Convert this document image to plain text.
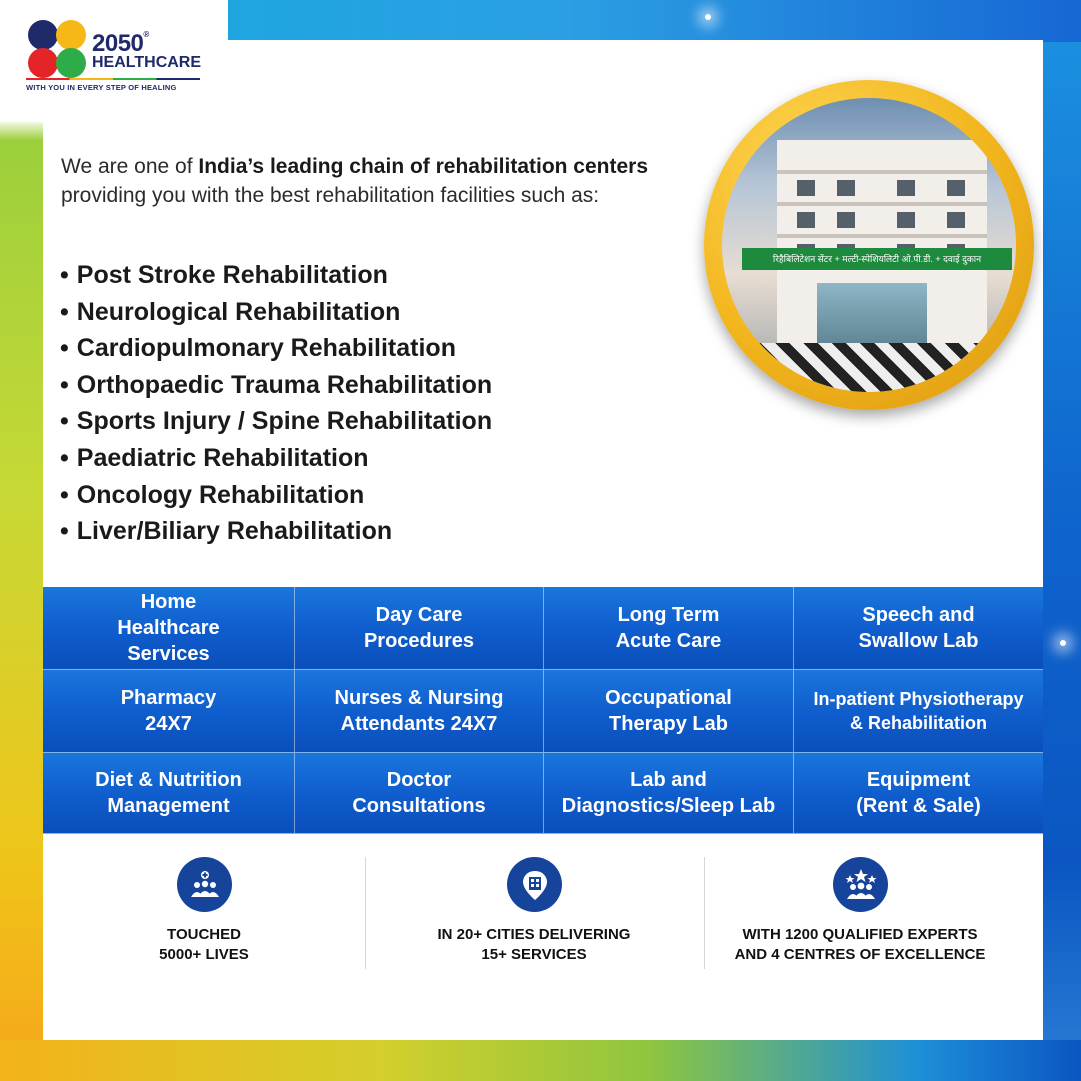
2050®
HEALTHCARE
WITH YOU IN EVERY STEP OF HEALING

We are one of India’s leading chain of rehabilitation centers providing you with the best rehabilitation facilities such as:

• Post Stroke Rehabilitation
• Neurological Rehabilitation
• Cardiopulmonary Rehabilitation
• Orthopaedic Trauma Rehabilitation
• Sports Injury / Spine Rehabilitation
• Paediatric Rehabilitation
• Oncology Rehabilitation
• Liver/Biliary Rehabilitation
रिहैबिलिटेशन सेंटर + मल्टी-स्पेशियलिटी ओ.पी.डी. + दवाई दुकान
Home
Healthcare
Services
Day Care
Procedures
Long Term
Acute Care
Speech and
Swallow Lab
Pharmacy
24X7
Nurses & Nursing
Attendants 24X7
Occupational
Therapy Lab
In-patient Physiotherapy
& Rehabilitation
Diet & Nutrition
Management
Doctor
Consultations
Lab and
Diagnostics/Sleep Lab
Equipment
(Rent & Sale)
TOUCHED
5000+ LIVES
IN 20+ CITIES DELIVERING
15+ SERVICES
WITH 1200 QUALIFIED EXPERTS
AND 4 CENTRES OF EXCELLENCE
